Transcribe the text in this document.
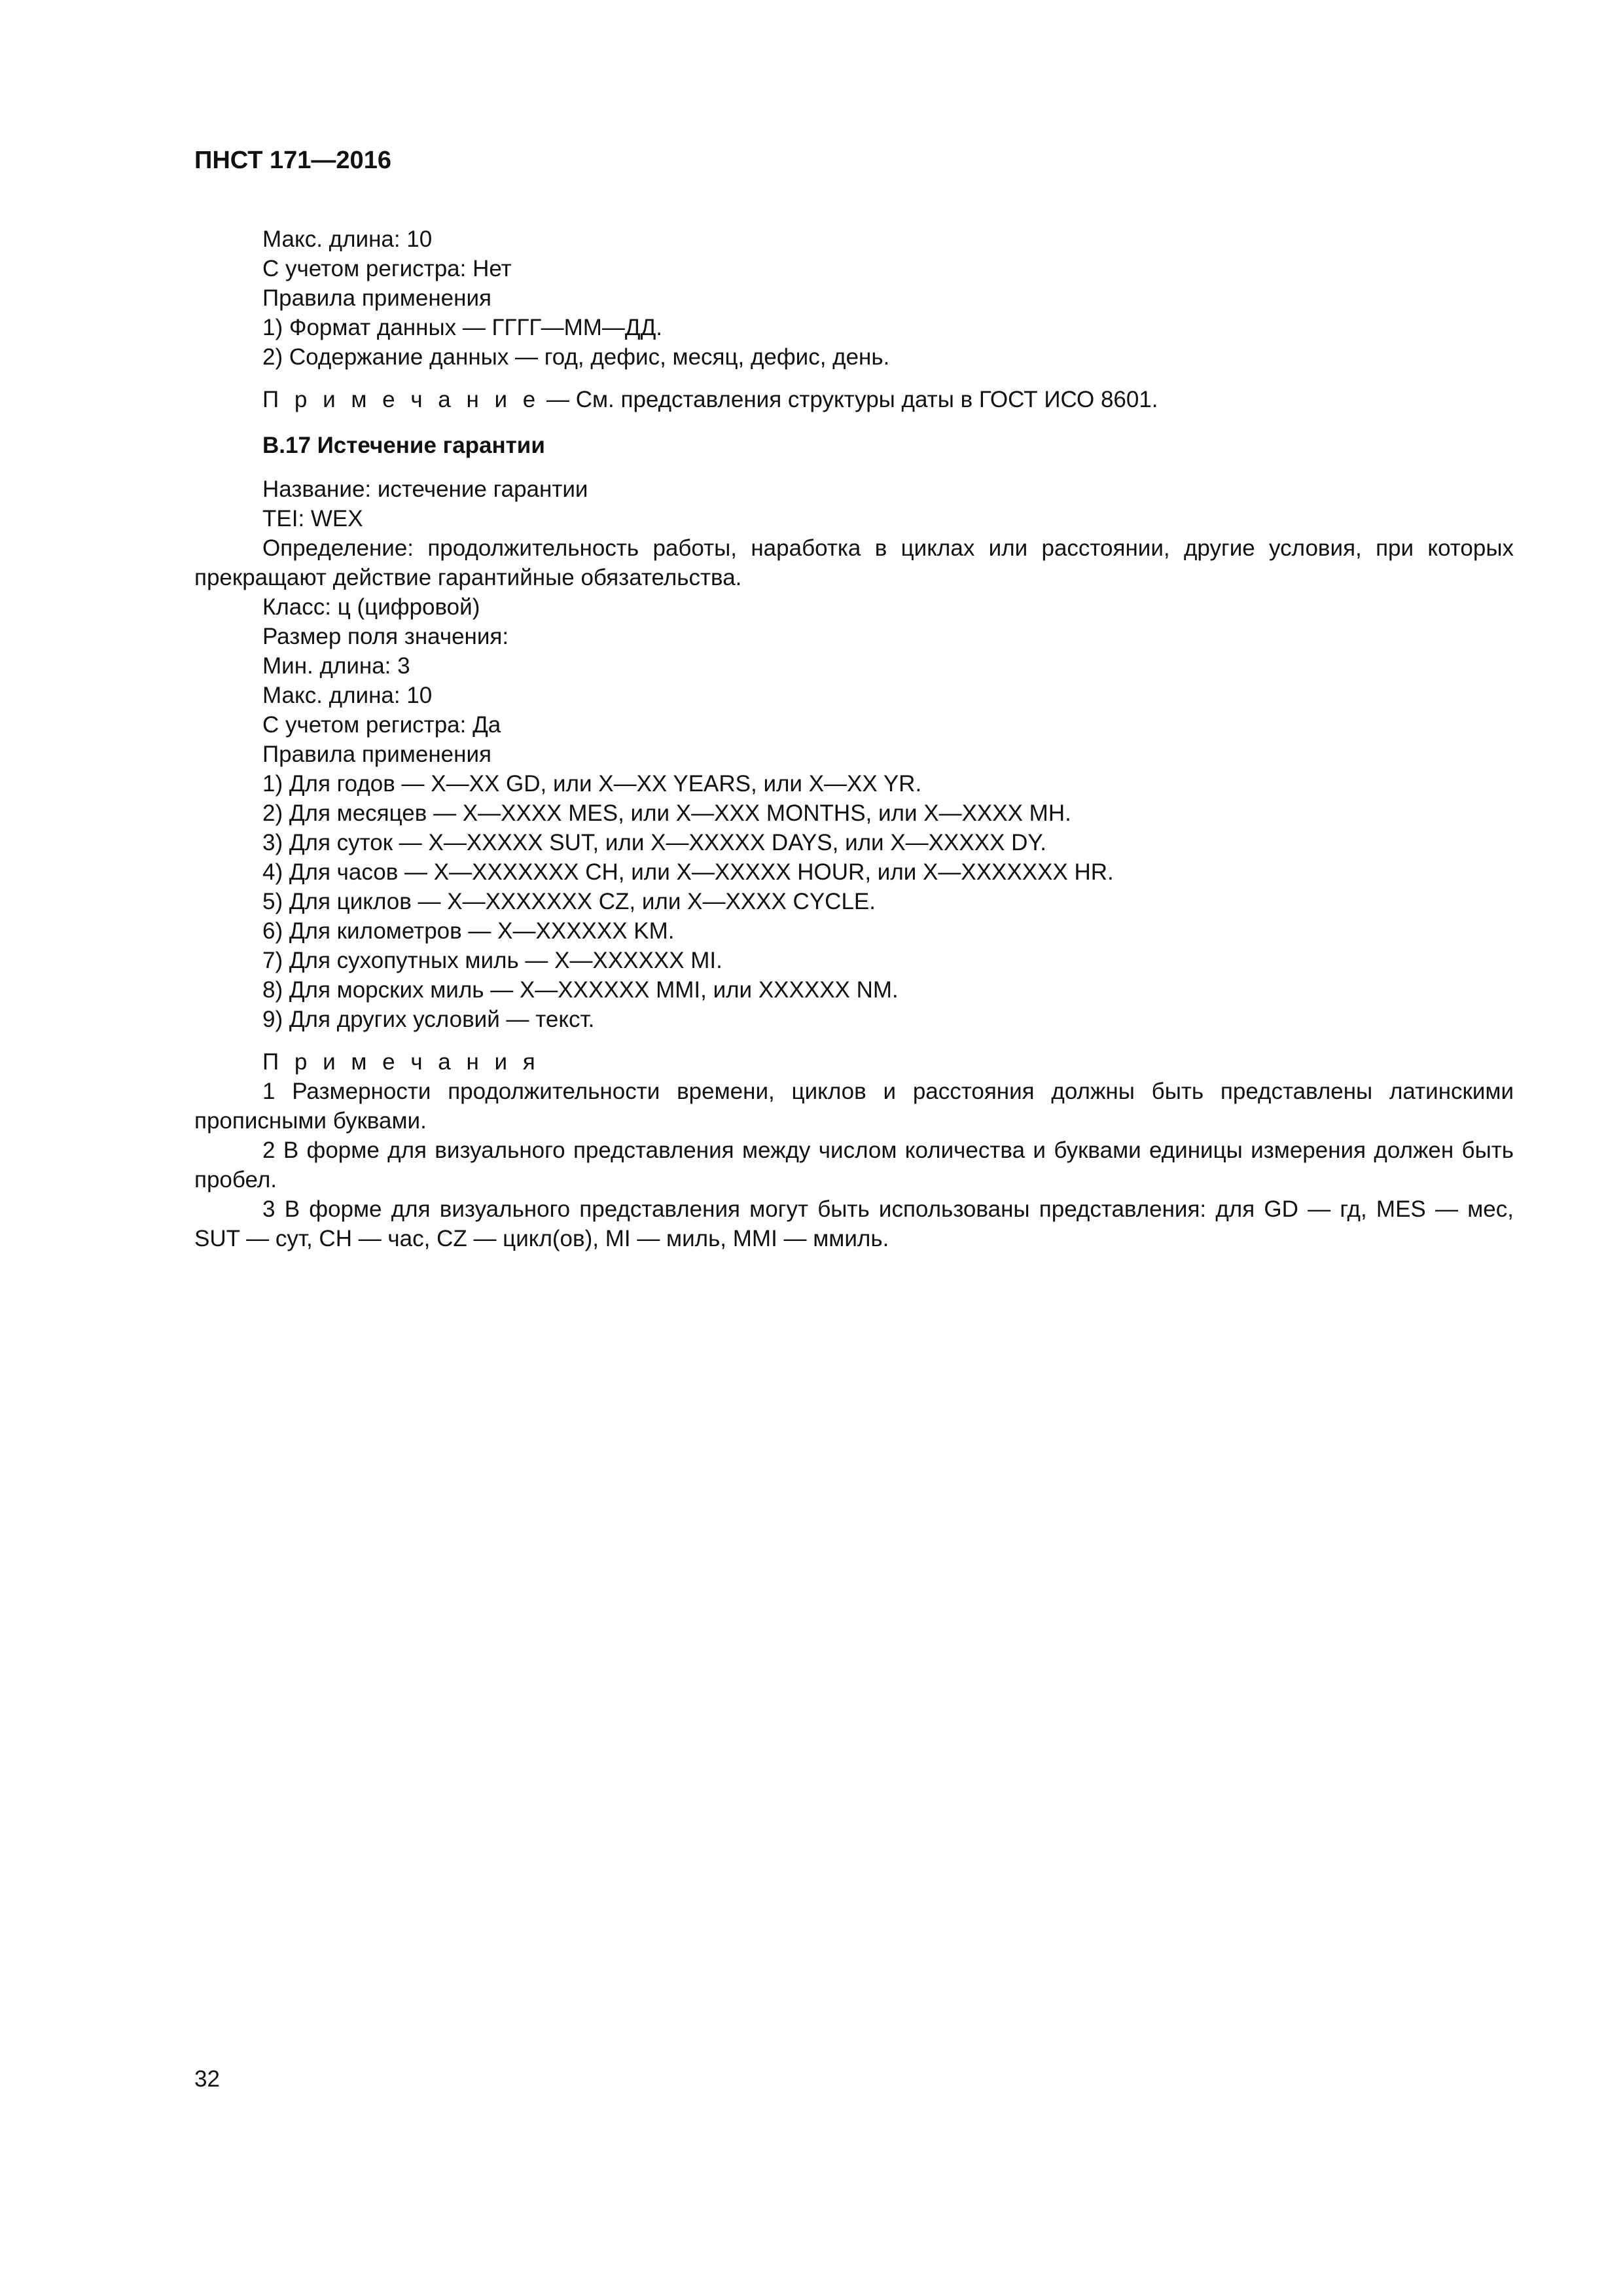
ПНСТ 171—2016
Макс. длина: 10
С учетом регистра: Нет
Правила применения
1) Формат данных — ГГГГ—ММ—ДД.
2) Содержание данных — год, дефис, месяц, дефис, день.
П р и м е ч а н и е — См. представления структуры даты в ГОСТ ИСО 8601.
В.17 Истечение гарантии
Название: истечение гарантии
TEI: WEX
Определение: продолжительность работы, наработка в циклах или расстоянии, другие условия, при которых прекращают действие гарантийные обязательства.
Класс: ц (цифровой)
Размер поля значения:
Мин. длина: 3
Макс. длина: 10
С учетом регистра: Да
Правила применения
1) Для годов — X—XX GD, или X—XX YEARS, или X—XX YR.
2) Для месяцев — X—XXXX MES, или X—XXX MONTHS, или X—XXXX MH.
3) Для суток — X—XXXXX SUT, или X—XXXXX DAYS, или X—XXXXX DY.
4) Для часов — X—XXXXXXX CH, или X—XXXXX HOUR, или X—XXXXXXX HR.
5) Для циклов — X—XXXXXXX CZ, или X—XXXX CYCLE.
6) Для километров — X—XXXXXX KM.
7) Для сухопутных миль — X—XXXXXX MI.
8) Для морских миль — X—XXXXXX MMI, или XXXXXX NM.
9) Для других условий — текст.
П р и м е ч а н и я
1 Размерности продолжительности времени, циклов и расстояния должны быть представлены латинскими прописными буквами.
2 В форме для визуального представления между числом количества и буквами единицы измерения должен быть пробел.
3 В форме для визуального представления могут быть использованы представления: для GD — гд, MES — мес, SUT — сут, CH — час, CZ — цикл(ов), MI — миль, MMI — ммиль.
32
